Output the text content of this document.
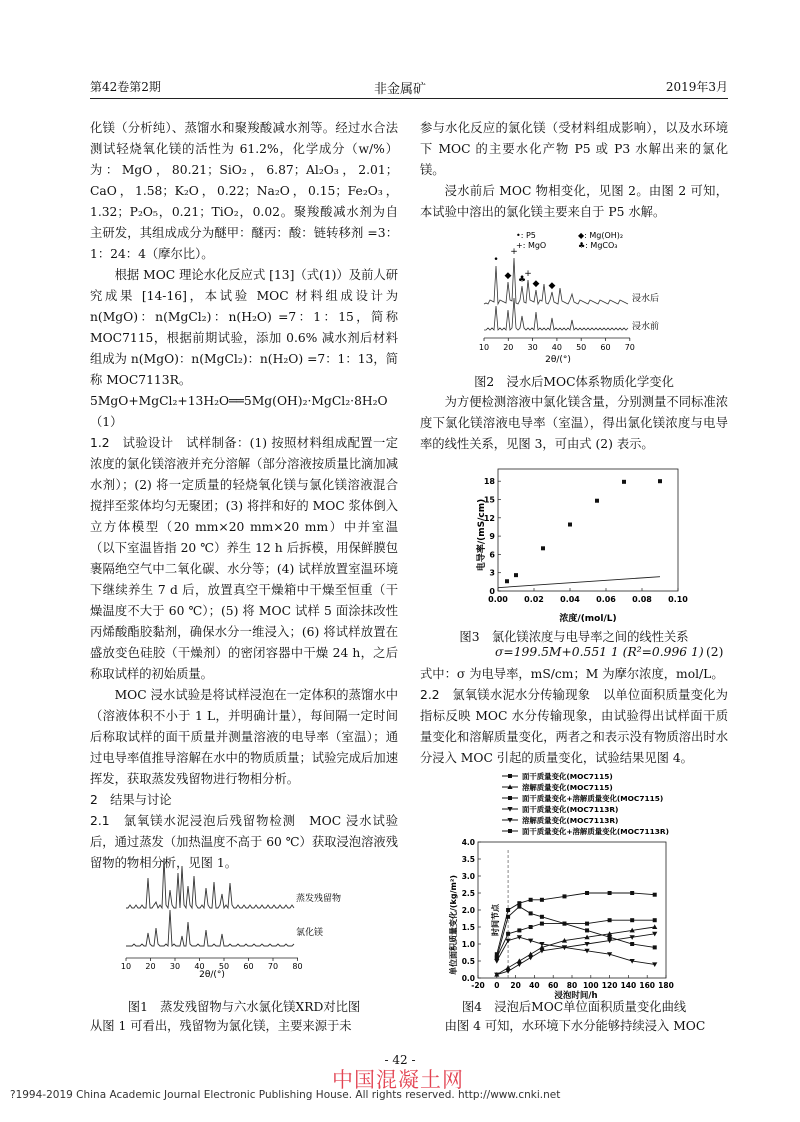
第42卷第2期	非金属矿	2019年3月

化镁（分析纯）、蒸馏水和聚羧酸减水剂等。经过水合法测试轻烧氧化镁的活性为 61.2%，化学成分（w/%）为：MgO，80.21；SiO₂，6.87；Al₂O₃，2.01；CaO，1.58；K₂O，0.22；Na₂O，0.15；Fe₂O₃，1.32；P₂O₅，0.21；TiO₂，0.02。聚羧酸减水剂为自主研发，其组成成分为醚甲：醚丙：酸：链转移剂 =3：1：24：4（摩尔比）。

根据 MOC 理论水化反应式 [13]（式(1)）及前人研究成果 [14-16]，本试验 MOC 材料组成设计为 n(MgO)：n(MgCl₂)：n(H₂O) =7：1：15，简称 MOC7115，根据前期试验，添加 0.6% 减水剂后材料组成为 n(MgO)：n(MgCl₂)：n(H₂O) =7：1：13，简称 MOC7113R。

5MgO+MgCl₂+13H₂O══5Mg(OH)₂·MgCl₂·8H₂O （1）

1.2　试验设计　 试样制备：(1) 按照材料组成配置一定浓度的氯化镁溶液并充分溶解（部分溶液按质量比滴加减水剂）；(2) 将一定质量的轻烧氧化镁与氯化镁溶液混合搅拌至浆体均匀无聚团；(3) 将拌和好的 MOC 浆体倒入立方体模型（20 mm×20 mm×20 mm）中并室温（以下室温皆指 20 ℃）养生 12 h 后拆模，用保鲜膜包裹隔绝空气中二氧化碳、水分等；(4) 试样放置室温环境下继续养生 7 d 后，放置真空干燥箱中干燥至恒重（干燥温度不大于 60 ℃）；(5) 将 MOC 试样 5 面涂抹改性丙烯酸酯胶黏剂，确保水分一维浸入；(6) 将试样放置在盛放变色硅胶（干燥剂）的密闭容器中干燥 24 h，之后称取试样的初始质量。

MOC 浸水试验是将试样浸泡在一定体积的蒸馏水中（溶液体积不小于 1 L，并明确计量），每间隔一定时间后称取试样的面干质量并测量溶液的电导率（室温）；通过电导率值推导溶解在水中的物质质量；试验完成后加速挥发，获取蒸发残留物进行物相分析。

2　结果与讨论

2.1　氯氧镁水泥浸泡后残留物检测　 MOC 浸水试验后，通过蒸发（加热温度不高于 60 ℃）获取浸泡溶液残留物的物相分析，见图 1。

10 20 30 40 50 60 70 80
蒸发残留物
氯化镁
2θ/(°)
图1　蒸发残留物与六水氯化镁XRD对比图

从图 1 可看出，残留物为氯化镁，主要来源于未

参与水化反应的氯化镁（受材料组成影响），以及水环境下 MOC 的主要水化产物 P5 或 P3 水解出来的氯化镁。

浸水前后 MOC 物相变化，见图 2。由图 2 可知，本试验中溶出的氯化镁主要来自于 P5 水解。

•: P5	◆: Mg(OH)₂
+: MgO	♣: MgCO₃
•
◆
+
♣
+
◆ ◆
10 20 30 40 50 60 70
浸水后
浸水前
2θ/(°)
图2　浸水后MOC体系物质化学变化

为方便检测溶液中氯化镁含量，分别测量不同标准浓度下氯化镁溶液电导率（室温），得出氯化镁浓度与电导率的线性关系，见图 3，可由式 (2) 表示。

0.00 0.02 0.04 0.06 0.08 0.10
0
3
6
9
12
15
18
电导率/(mS/cm)
浓度/(mol/L)
图3　氯化镁浓度与电导率之间的线性关系
σ=199.5M+0.551 1 (R²=0.996 1) (2)

式中：σ 为电导率，mS/cm；M 为摩尔浓度，mol/L。

2.2　氯氧镁水泥水分传输现象　 以单位面积质量变化为指标反映 MOC 水分传输现象，由试验得出试样面干质量变化和溶解质量变化，两者之和表示没有物质溶出时水分浸入 MOC 引起的质量变化，试验结果见图 4。

面干质量变化(MOC7115)
溶解质量变化(MOC7115)
面干质量变化+溶解质量变化(MOC7115)
面干质量变化(MOC7113R)
溶解质量变化(MOC7113R)
面干质量变化+溶解质量变化(MOC7113R)
-20 0 20 40 60 80 100 120 140 160 180
0.0
0.5
1.0
1.5
2.0
2.5
3.0
3.5
4.0
单位面积质量变化/(kg/m²)
浸泡时间/h
时间节点
图4　浸泡后MOC单位面积质量变化曲线

由图 4 可知，水环境下水分能够持续浸入 MOC

- 42 -
中国混凝土网
?1994-2019 China Academic Journal Electronic Publishing House. All rights reserved. http://www.cnki.net
